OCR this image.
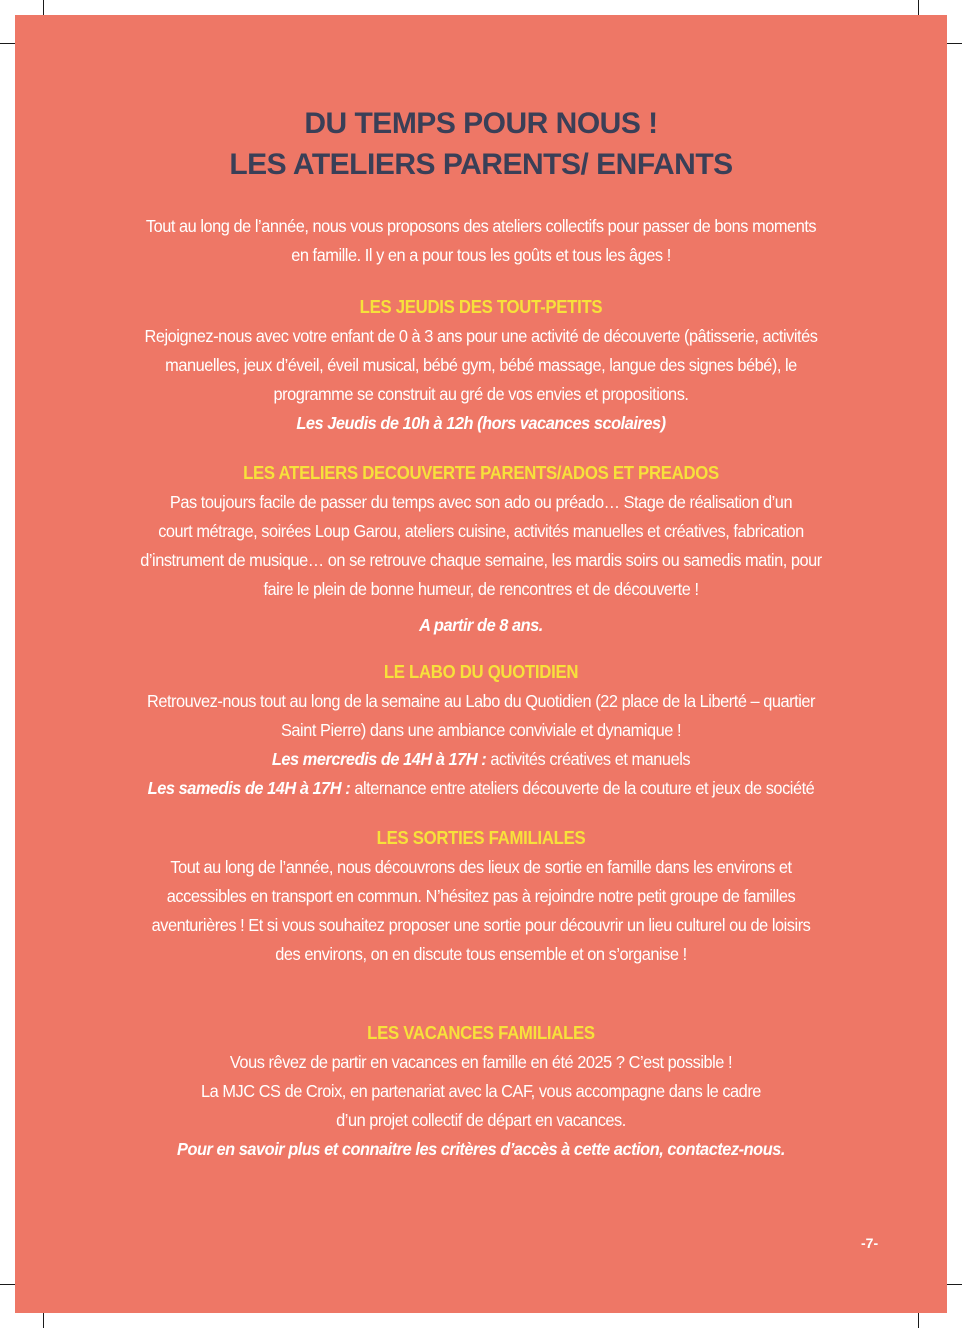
DU TEMPS POUR NOUS !
LES ATELIERS PARENTS/ ENFANTS

Tout au long de l’année, nous vous proposons des ateliers collectifs pour passer de bons moments
en famille. Il y en a pour tous les goûts et tous les âges !

LES JEUDIS DES TOUT-PETITS

Rejoignez-nous avec votre enfant de 0 à 3 ans pour une activité de découverte (pâtisserie, activités
manuelles, jeux d’éveil, éveil musical, bébé gym, bébé massage, langue des signes bébé), le
programme se construit au gré de vos envies et propositions.

Les Jeudis de 10h à 12h (hors vacances scolaires)

LES ATELIERS DECOUVERTE PARENTS/ADOS ET PREADOS

Pas toujours facile de passer du temps avec son ado ou préado… Stage de réalisation d’un
court métrage, soirées Loup Garou, ateliers cuisine, activités manuelles et créatives, fabrication
d’instrument de musique… on se retrouve chaque semaine, les mardis soirs ou samedis matin, pour
faire le plein de bonne humeur, de rencontres et de découverte !

A partir de 8 ans.

LE LABO DU QUOTIDIEN

Retrouvez-nous tout au long de la semaine au Labo du Quotidien (22 place de la Liberté – quartier
Saint Pierre) dans une ambiance conviviale et dynamique !
Les mercredis de 14H à 17H : activités créatives et manuels
Les samedis de 14H à 17H : alternance entre ateliers découverte de la couture et jeux de société

LES SORTIES FAMILIALES

Tout au long de l’année, nous découvrons des lieux de sortie en famille dans les environs et
accessibles en transport en commun. N’hésitez pas à rejoindre notre petit groupe de familles
aventurières ! Et si vous souhaitez proposer une sortie pour découvrir un lieu culturel ou de loisirs
des environs, on en discute tous ensemble et on s’organise !

LES VACANCES FAMILIALES

Vous rêvez de partir en vacances en famille en été 2025 ? C’est possible !
La MJC CS de Croix, en partenariat avec la CAF, vous accompagne dans le cadre
d’un projet collectif de départ en vacances.

Pour en savoir plus et connaitre les critères d’accès à cette action, contactez-nous.

-7-
